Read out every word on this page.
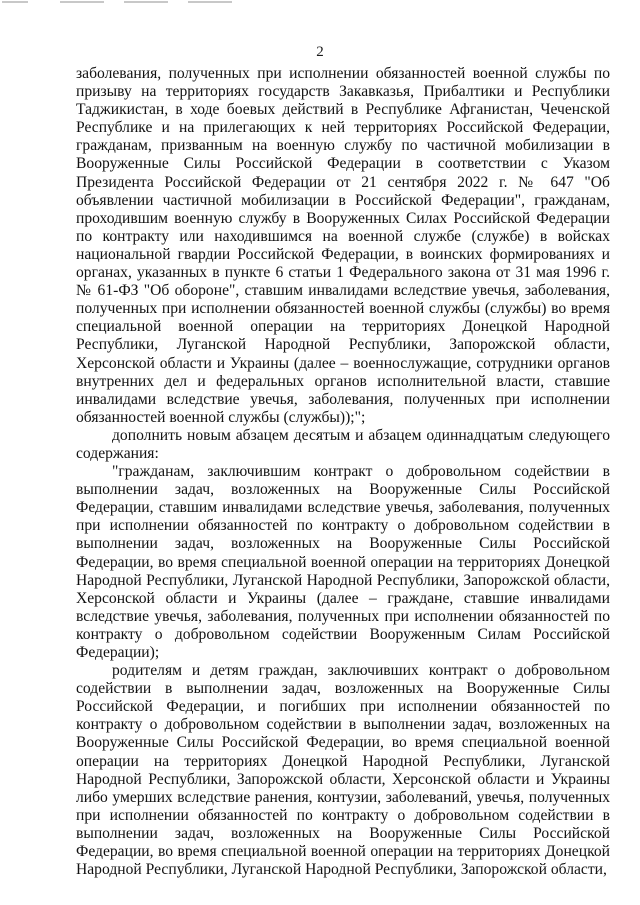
2

заболевания, полученных при исполнении обязанностей военной службы по призыву на территориях государств Закавказья, Прибалтики и Республики Таджикистан, в ходе боевых действий в Республике Афганистан, Чеченской Республике и на прилегающих к ней территориях Российской Федерации, гражданам, призванным на военную службу по частичной мобилизации в Вооруженные Силы Российской Федерации в соответствии с Указом Президента Российской Федерации от 21 сентября 2022 г. № 647 "Об объявлении частичной мобилизации в Российской Федерации", гражданам, проходившим военную службу в Вооруженных Силах Российской Федерации по контракту или находившимся на военной службе (службе) в войсках национальной гвардии Российской Федерации, в воинских формированиях и органах, указанных в пункте 6 статьи 1 Федерального закона от 31 мая 1996 г. № 61-ФЗ "Об обороне", ставшим инвалидами вследствие увечья, заболевания, полученных при исполнении обязанностей военной службы (службы) во время специальной военной операции на территориях Донецкой Народной Республики, Луганской Народной Республики, Запорожской области, Херсонской области и Украины (далее – военнослужащие, сотрудники органов внутренних дел и федеральных органов исполнительной власти, ставшие инвалидами вследствие увечья, заболевания, полученных при исполнении обязанностей военной службы (службы));";

дополнить новым абзацем десятым и абзацем одиннадцатым следующего содержания:

"гражданам, заключившим контракт о добровольном содействии в выполнении задач, возложенных на Вооруженные Силы Российской Федерации, ставшим инвалидами вследствие увечья, заболевания, полученных при исполнении обязанностей по контракту о добровольном содействии в выполнении задач, возложенных на Вооруженные Силы Российской Федерации, во время специальной военной операции на территориях Донецкой Народной Республики, Луганской Народной Республики, Запорожской области, Херсонской области и Украины (далее – граждане, ставшие инвалидами вследствие увечья, заболевания, полученных при исполнении обязанностей по контракту о добровольном содействии Вооруженным Силам Российской Федерации);

родителям и детям граждан, заключивших контракт о добровольном содействии в выполнении задач, возложенных на Вооруженные Силы Российской Федерации, и погибших при исполнении обязанностей по контракту о добровольном содействии в выполнении задач, возложенных на Вооруженные Силы Российской Федерации, во время специальной военной операции на территориях Донецкой Народной Республики, Луганской Народной Республики, Запорожской области, Херсонской области и Украины либо умерших вследствие ранения, контузии, заболеваний, увечья, полученных при исполнении обязанностей по контракту о добровольном содействии в выполнении задач, возложенных на Вооруженные Силы Российской Федерации, во время специальной военной операции на территориях Донецкой Народной Республики, Луганской Народной Республики, Запорожской области,
